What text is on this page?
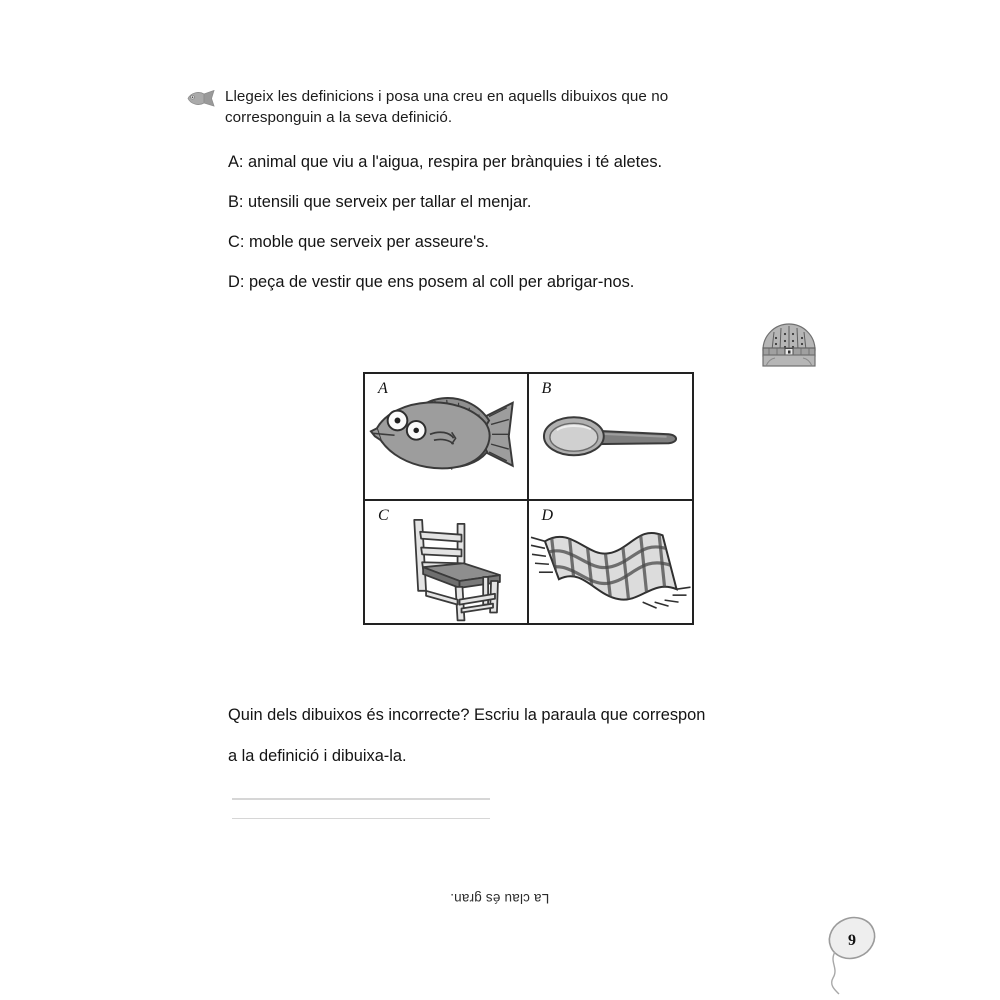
Llegeix les definicions i posa una creu en aquells dibuixos que no corresponguin a la seva definició.
A: animal que viu a l'aigua, respira per brànquies i té aletes.
B: utensili que serveix per tallar el menjar.
C: moble que serveix per asseure's.
D: peça de vestir que ens posem al coll per abrigar-nos.
A	B
C	D
Quin dels dibuixos és incorrecte? Escriu la paraula que correspon
a la definició i dibuixa-la.
La clau és gran.
9
